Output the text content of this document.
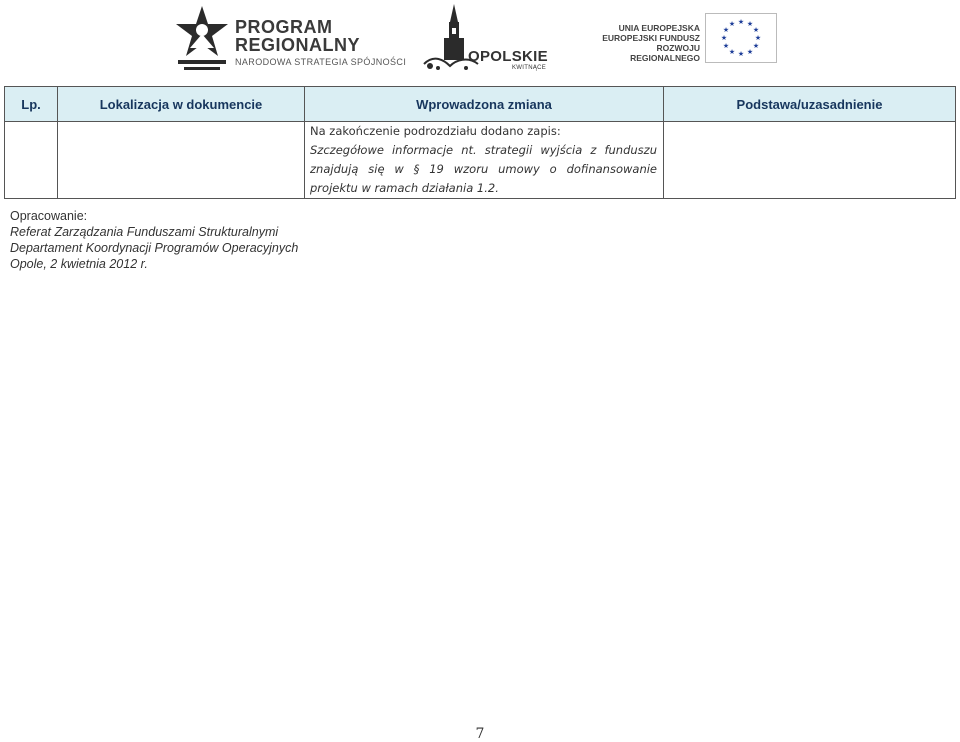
PROGRAM
REGIONALNY
NARODOWA STRATEGIA SPÓJNOŚCI	OPOLSKIE
KWITNĄCE
UNIA EUROPEJSKA
EUROPEJSKI FUNDUSZ
ROZWOJU REGIONALNEGO
★ ★
★
★
★
★
★
★
★
★
★
★
Lp.	Lokalizacja w dokumencie	Wprowadzona zmiana	Podstawa/uzasadnienie

		Na zakończenie podrozdziału dodano zapis:
Szczegółowe informacje nt. strategii wyjścia z funduszu znajdują się w § 19 wzoru umowy o dofinansowanie projektu w ramach działania 1.2.	

Opracowanie:
Referat Zarządzania Funduszami Strukturalnymi
Departament Koordynacji Programów Operacyjnych
Opole, 2 kwietnia 2012 r.
7
